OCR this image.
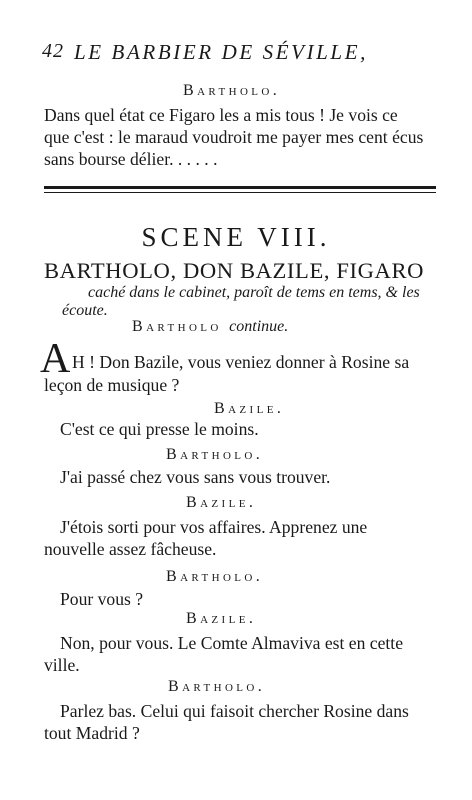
42 LE BARBIER DE SÉVILLE,
Bartholo.
Dans quel état ce Figaro les a mis tous ! Je vois ce
que c'est : le maraud voudroit me payer mes cent écus
sans bourse délier. . . . . .
SCENE VIII.
BARTHOLO, DON BAZILE, FIGARO
caché dans le cabinet, paroît de tems en tems, & les
écoute.
Bartholo continue.
A H ! Don Bazile, vous veniez donner à Rosine sa
leçon de musique ?
Bazile.
C'est ce qui presse le moins.
Bartholo.
J'ai passé chez vous sans vous trouver.
Bazile.
J'étois sorti pour vos affaires. Apprenez une
nouvelle assez fâcheuse.
Bartholo.
Pour vous ?
Bazile.
Non, pour vous. Le Comte Almaviva est en cette
ville.
Bartholo.
Parlez bas. Celui qui faisoit chercher Rosine dans
tout Madrid ?
